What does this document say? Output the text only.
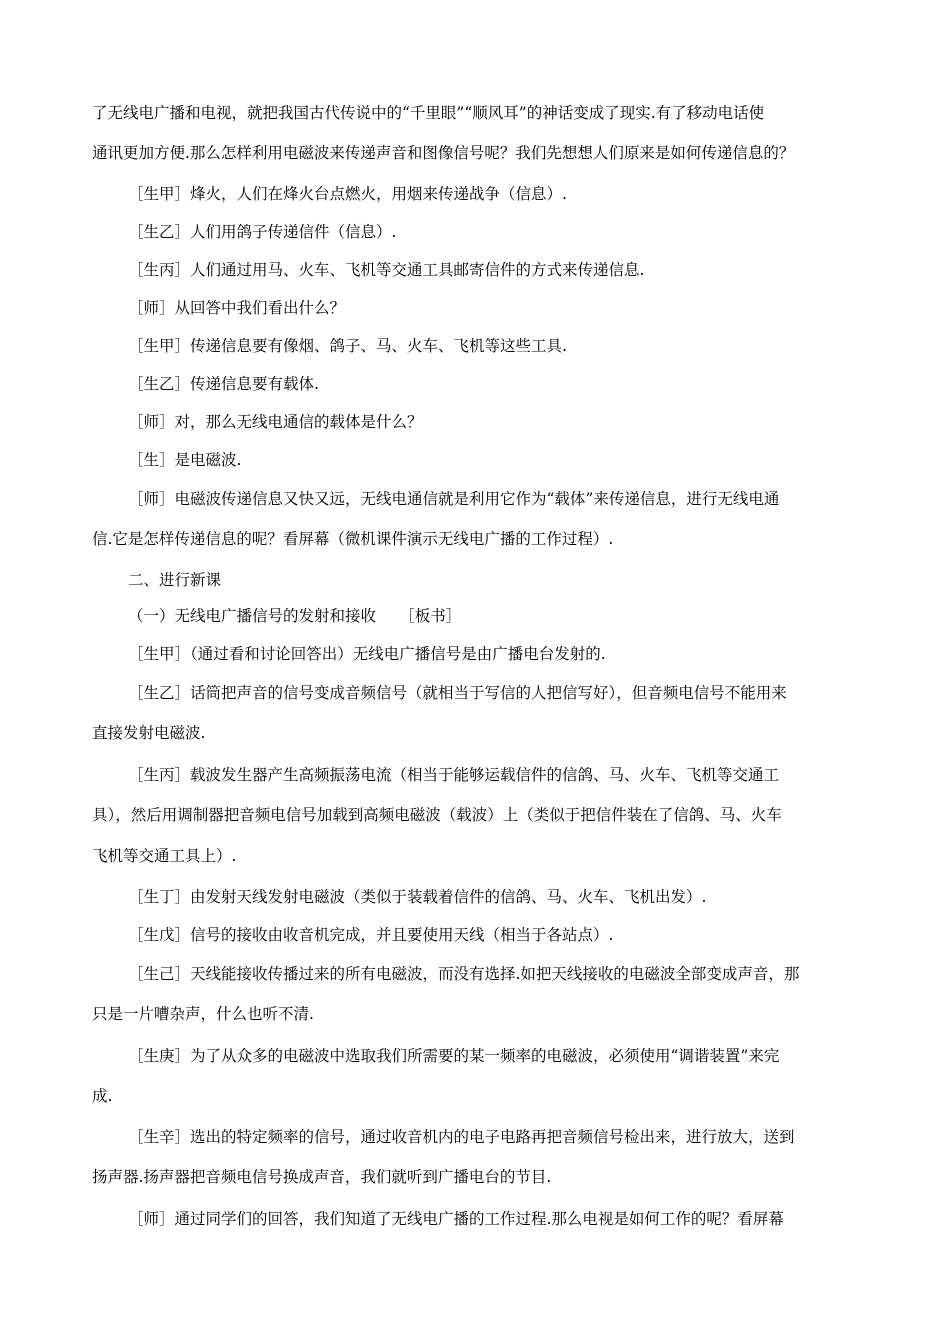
了无线电广播和电视，就把我国古代传说中的“千里眼”“顺风耳”的神话变成了现实.有了移动电话使
通讯更加方便.那么怎样利用电磁波来传递声音和图像信号呢？我们先想想人们原来是如何传递信息的？
［生甲］烽火，人们在烽火台点燃火，用烟来传递战争（信息）.
［生乙］人们用鸽子传递信件（信息）.
［生丙］人们通过用马、火车、飞机等交通工具邮寄信件的方式来传递信息.
［师］从回答中我们看出什么？
［生甲］传递信息要有像烟、鸽子、马、火车、飞机等这些工具.
［生乙］传递信息要有载体.
［师］对，那么无线电通信的载体是什么？
［生］是电磁波.
［师］电磁波传递信息又快又远，无线电通信就是利用它作为“载体”来传递信息，进行无线电通
信.它是怎样传递信息的呢？看屏幕（微机课件演示无线电广播的工作过程）.
二、进行新课
（一）无线电广播信号的发射和接收　　［板书］
［生甲］（通过看和讨论回答出）无线电广播信号是由广播电台发射的.
［生乙］话筒把声音的信号变成音频信号（就相当于写信的人把信写好），但音频电信号不能用来
直接发射电磁波.
［生丙］载波发生器产生高频振荡电流（相当于能够运载信件的信鸽、马、火车、飞机等交通工
具），然后用调制器把音频电信号加载到高频电磁波（载波）上（类似于把信件装在了信鸽、马、火车
飞机等交通工具上）.
［生丁］由发射天线发射电磁波（类似于装载着信件的信鸽、马、火车、飞机出发）.
［生戊］信号的接收由收音机完成，并且要使用天线（相当于各站点）.
［生己］天线能接收传播过来的所有电磁波，而没有选择.如把天线接收的电磁波全部变成声音，那
只是一片嘈杂声，什么也听不清.
［生庚］为了从众多的电磁波中选取我们所需要的某一频率的电磁波，必须使用“调谐装置”来完
成.
［生辛］选出的特定频率的信号，通过收音机内的电子电路再把音频信号检出来，进行放大，送到
扬声器.扬声器把音频电信号换成声音，我们就听到广播电台的节目.
［师］通过同学们的回答，我们知道了无线电广播的工作过程.那么电视是如何工作的呢？看屏幕
